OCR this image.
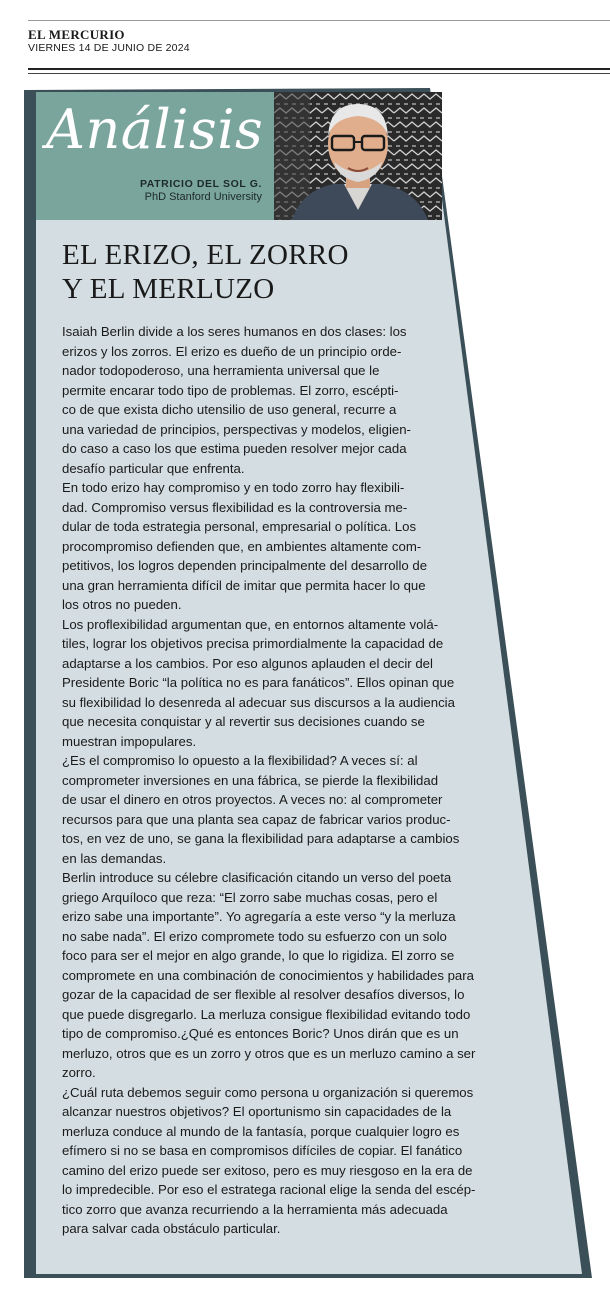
EL MERCURIO
VIERNES 14 DE JUNIO DE 2024
Análisis
PATRICIO DEL SOL G.
PhD Stanford University
EL ERIZO, EL ZORRO
Y EL MERLUZO
Isaiah Berlin divide a los seres humanos en dos clases: los
erizos y los zorros. El erizo es dueño de un principio orde-
nador todopoderoso, una herramienta universal que le
permite encarar todo tipo de problemas. El zorro, escépti-
co de que exista dicho utensilio de uso general, recurre a
una variedad de principios, perspectivas y modelos, eligien-
do caso a caso los que estima pueden resolver mejor cada
desafío particular que enfrenta.
En todo erizo hay compromiso y en todo zorro hay flexibili-
dad. Compromiso versus flexibilidad es la controversia me-
dular de toda estrategia personal, empresarial o política. Los
procompromiso defienden que, en ambientes altamente com-
petitivos, los logros dependen principalmente del desarrollo de
una gran herramienta difícil de imitar que permita hacer lo que
los otros no pueden.
Los proflexibilidad argumentan que, en entornos altamente volá-
tiles, lograr los objetivos precisa primordialmente la capacidad de
adaptarse a los cambios. Por eso algunos aplauden el decir del
Presidente Boric “la política no es para fanáticos”. Ellos opinan que
su flexibilidad lo desenreda al adecuar sus discursos a la audiencia
que necesita conquistar y al revertir sus decisiones cuando se
muestran impopulares.
¿Es el compromiso lo opuesto a la flexibilidad? A veces sí: al
comprometer inversiones en una fábrica, se pierde la flexibilidad
de usar el dinero en otros proyectos. A veces no: al comprometer
recursos para que una planta sea capaz de fabricar varios produc-
tos, en vez de uno, se gana la flexibilidad para adaptarse a cambios
en las demandas.
Berlin introduce su célebre clasificación citando un verso del poeta
griego Arquíloco que reza: “El zorro sabe muchas cosas, pero el
erizo sabe una importante”. Yo agregaría a este verso “y la merluza
no sabe nada”. El erizo compromete todo su esfuerzo con un solo
foco para ser el mejor en algo grande, lo que lo rigidiza. El zorro se
compromete en una combinación de conocimientos y habilidades para
gozar de la capacidad de ser flexible al resolver desafíos diversos, lo
que puede disgregarlo. La merluza consigue flexibilidad evitando todo
tipo de compromiso.¿Qué es entonces Boric? Unos dirán que es un
merluzo, otros que es un zorro y otros que es un merluzo camino a ser
zorro.
¿Cuál ruta debemos seguir como persona u organización si queremos
alcanzar nuestros objetivos? El oportunismo sin capacidades de la
merluza conduce al mundo de la fantasía, porque cualquier logro es
efímero si no se basa en compromisos difíciles de copiar. El fanático
camino del erizo puede ser exitoso, pero es muy riesgoso en la era de
lo impredecible. Por eso el estratega racional elige la senda del escép-
tico zorro que avanza recurriendo a la herramienta más adecuada
para salvar cada obstáculo particular.
